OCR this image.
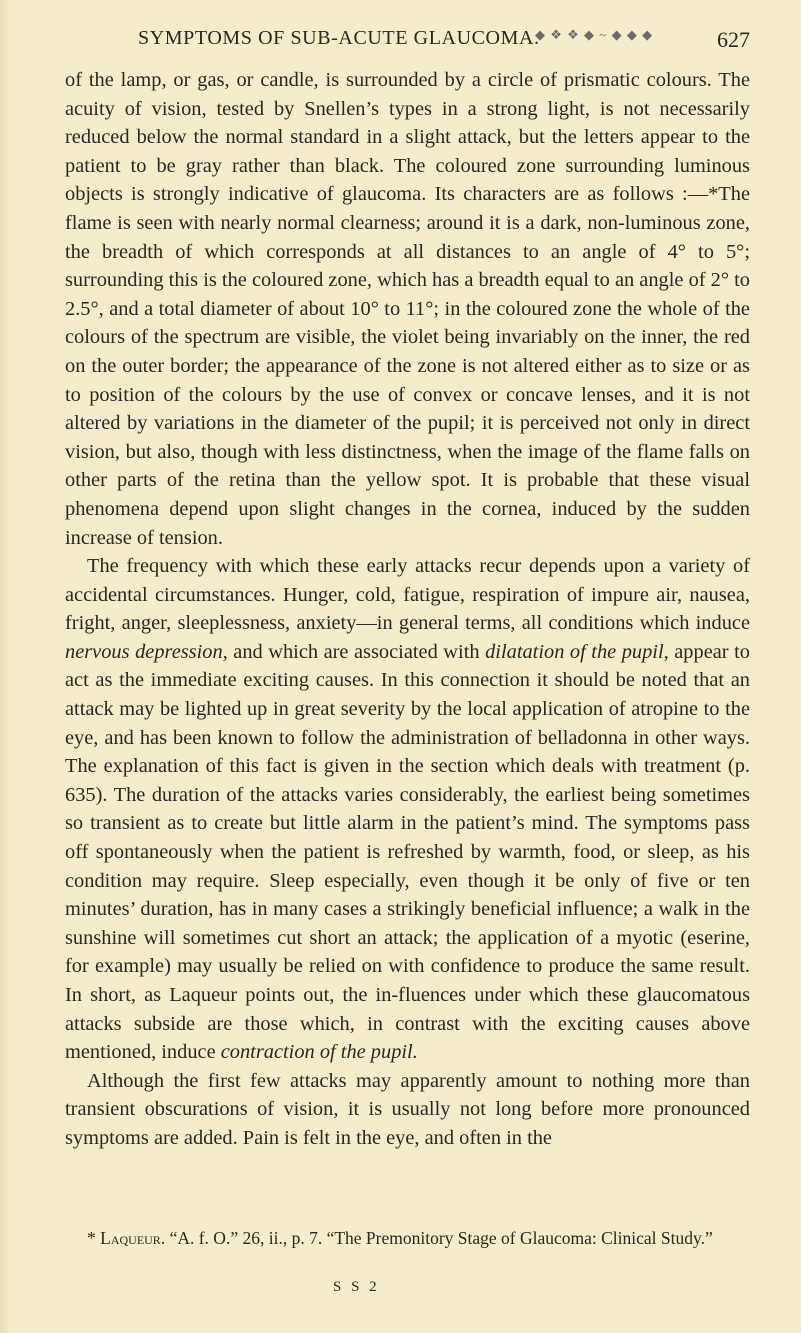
◆ ❖ ❖ ◆ ~ ◆ ◆ ◆
SYMPTOMS OF SUB-ACUTE GLAUCOMA.	627

of the lamp, or gas, or candle, is surrounded by a circle of prismatic colours. The acuity of vision, tested by Snellen’s types in a strong light, is not necessarily reduced below the normal standard in a slight attack, but the letters appear to the patient to be gray rather than black. The coloured zone surrounding luminous objects is strongly indicative of glaucoma. Its characters are as follows :—*The flame is seen with nearly normal clearness; around it is a dark, non-luminous zone, the breadth of which corresponds at all distances to an angle of 4° to 5°; surrounding this is the coloured zone, which has a breadth equal to an angle of 2° to 2.5°, and a total diameter of about 10° to 11°; in the coloured zone the whole of the colours of the spectrum are visible, the violet being invariably on the inner, the red on the outer border; the appearance of the zone is not altered either as to size or as to position of the colours by the use of convex or concave lenses, and it is not altered by variations in the diameter of the pupil; it is perceived not only in direct vision, but also, though with less distinctness, when the image of the flame falls on other parts of the retina than the yellow spot. It is probable that these visual phenomena depend upon slight changes in the cornea, induced by the sudden increase of tension.

The frequency with which these early attacks recur depends upon a variety of accidental circumstances. Hunger, cold, fatigue, respiration of impure air, nausea, fright, anger, sleeplessness, anxiety—in general terms, all conditions which induce nervous depression, and which are associated with dilatation of the pupil, appear to act as the immediate exciting causes. In this connection it should be noted that an attack may be lighted up in great severity by the local application of atropine to the eye, and has been known to follow the administration of belladonna in other ways. The explanation of this fact is given in the section which deals with treatment (p. 635). The duration of the attacks varies considerably, the earliest being sometimes so transient as to create but little alarm in the patient’s mind. The symptoms pass off spontaneously when the patient is refreshed by warmth, food, or sleep, as his condition may require. Sleep especially, even though it be only of five or ten minutes’ duration, has in many cases a strikingly beneficial influence; a walk in the sunshine will sometimes cut short an attack; the application of a myotic (eserine, for example) may usually be relied on with confidence to produce the same result. In short, as Laqueur points out, the in-fluences under which these glaucomatous attacks subside are those which, in contrast with the exciting causes above mentioned, induce contraction of the pupil.

Although the first few attacks may apparently amount to nothing more than transient obscurations of vision, it is usually not long before more pronounced symptoms are added. Pain is felt in the eye, and often in the

* Laqueur. “A. f. O.” 26, ii., p. 7. “The Premonitory Stage of Glaucoma: Clinical Study.”
S S 2
